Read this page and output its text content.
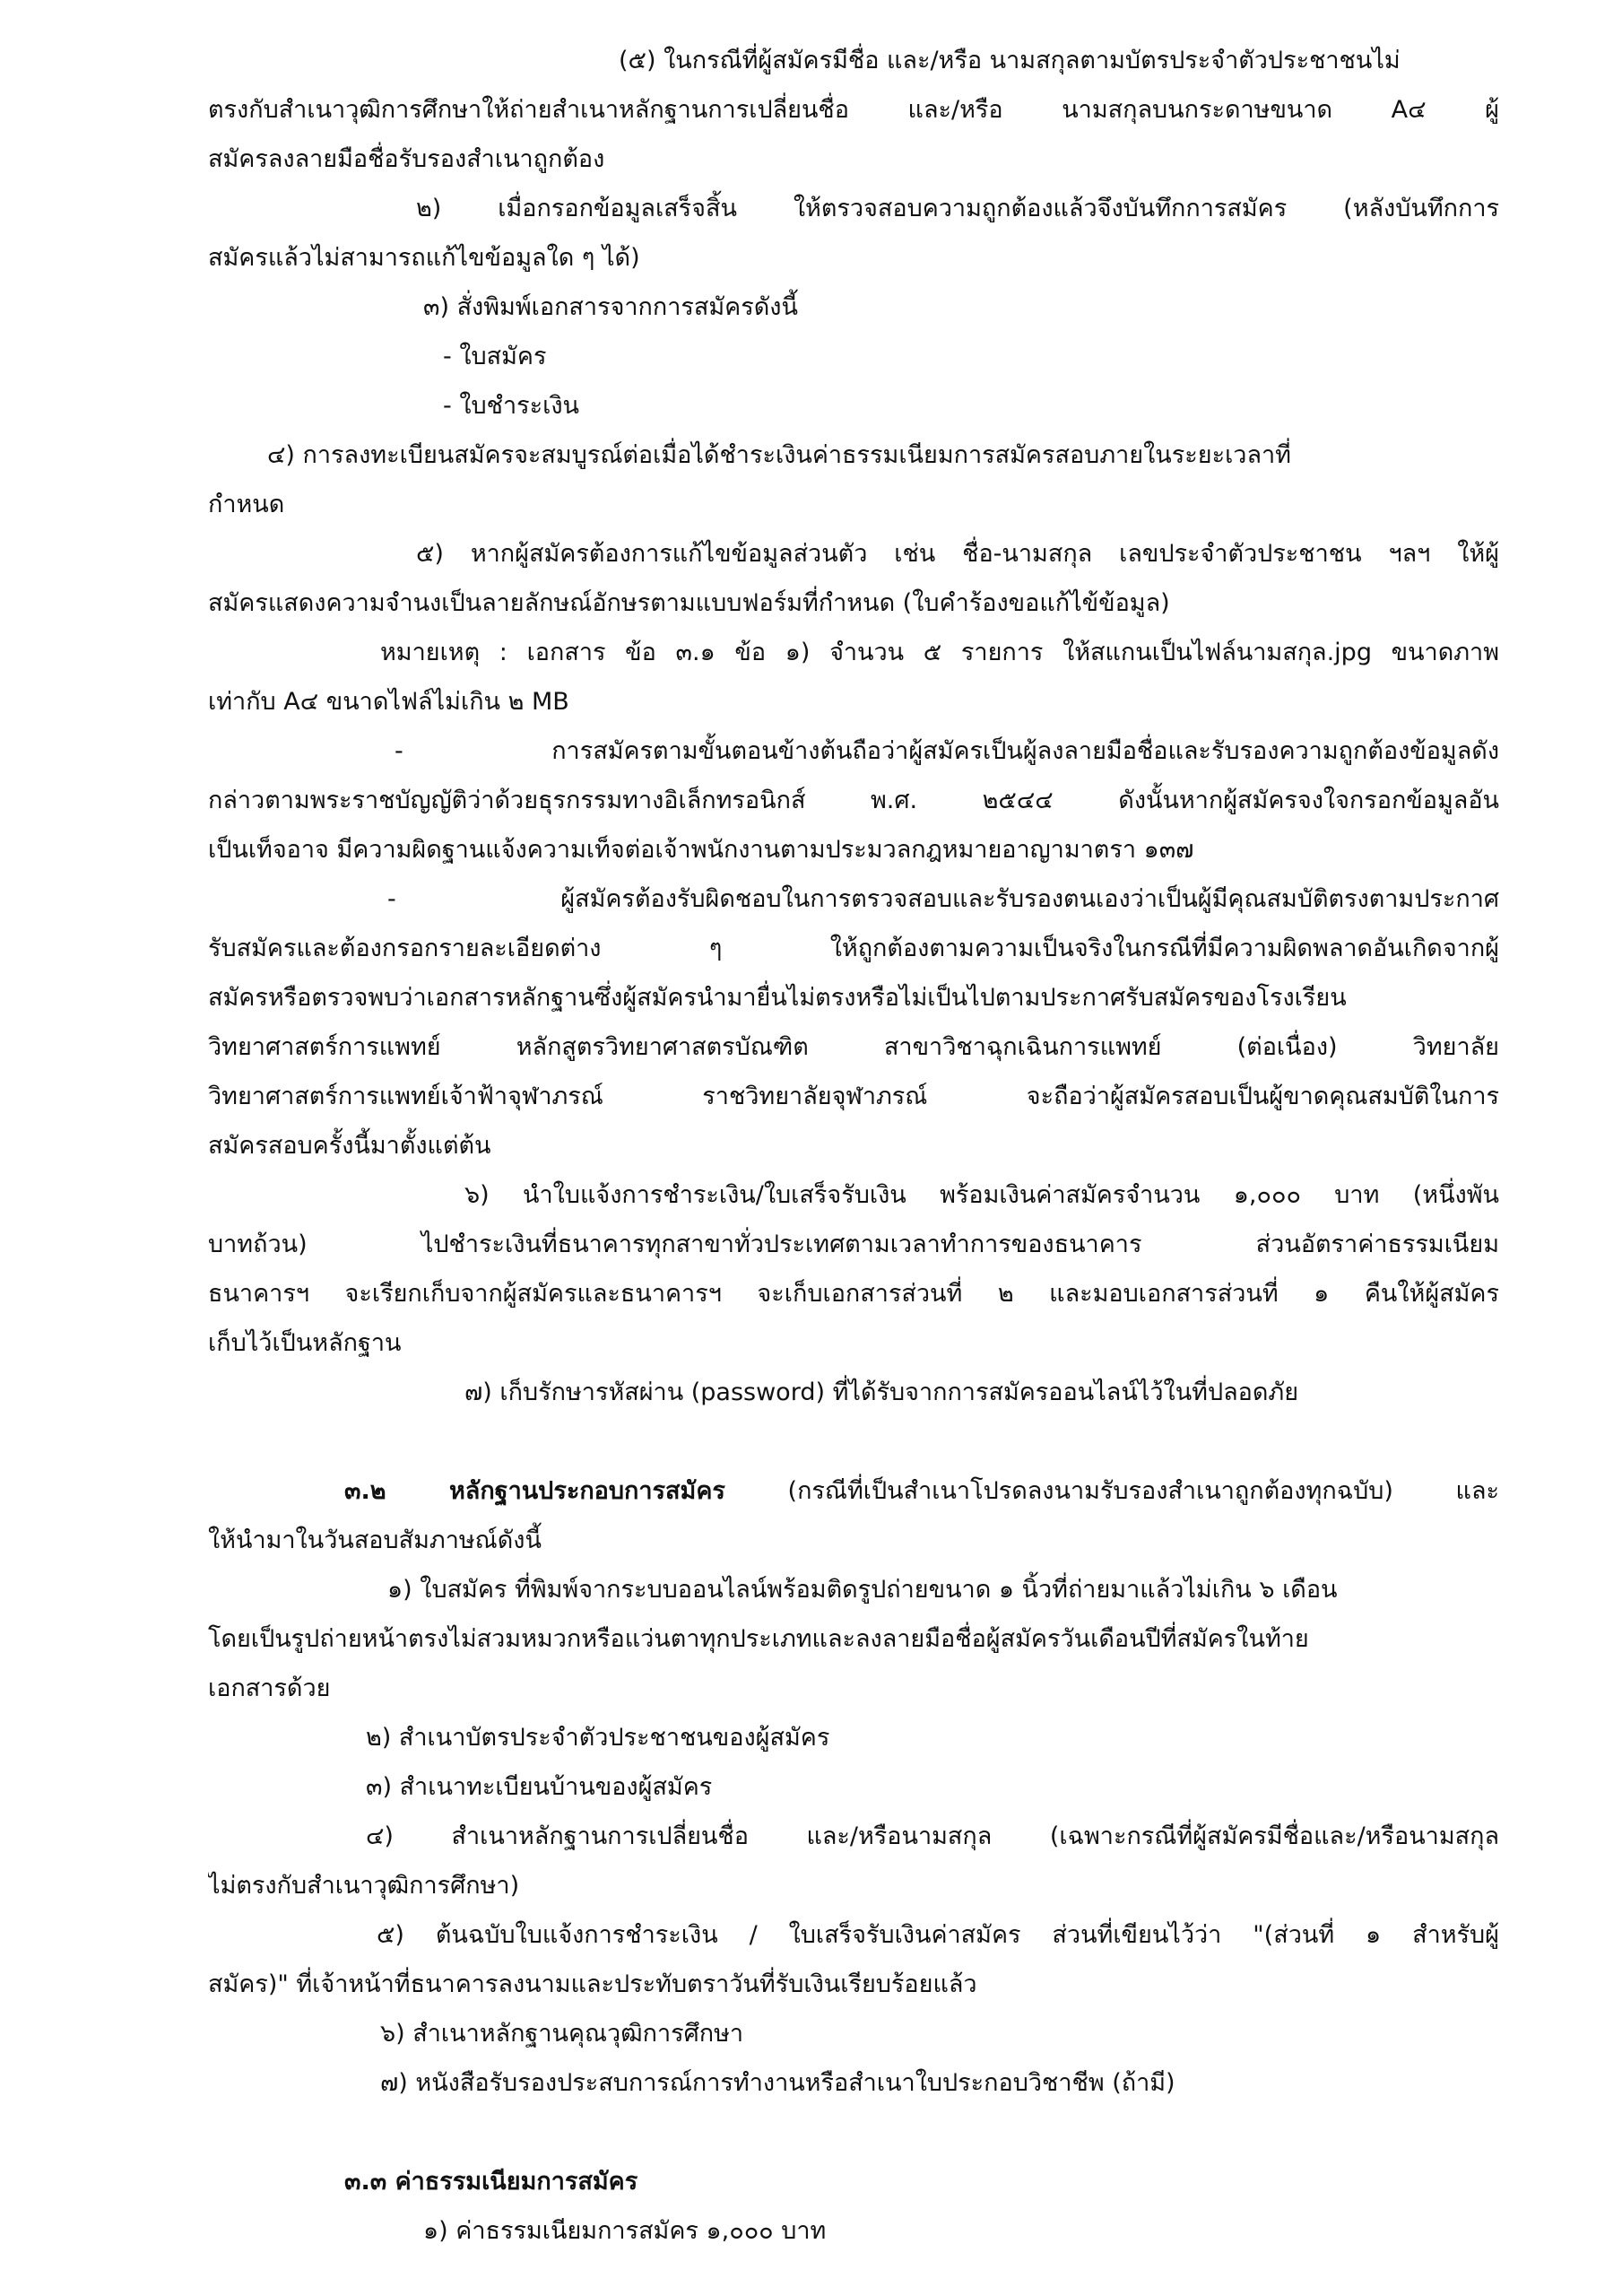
(๕) ในกรณีที่ผู้สมัครมีชื่อ และ/หรือ นามสกุลตามบัตรประจำตัวประชาชนไม่
ตรงกับสำเนาวุฒิการศึกษาให้ถ่ายสำเนาหลักฐานการเปลี่ยนชื่อ และ/หรือ นามสกุลบนกระดาษขนาด A๔ ผู้
สมัครลงลายมือชื่อรับรองสำเนาถูกต้อง
๒) เมื่อกรอกข้อมูลเสร็จสิ้น ให้ตรวจสอบความถูกต้องแล้วจึงบันทึกการสมัคร (หลังบันทึกการ
สมัครแล้วไม่สามารถแก้ไขข้อมูลใด ๆ ได้)
๓) สั่งพิมพ์เอกสารจากการสมัครดังนี้
- ใบสมัคร
- ใบชำระเงิน
๔) การลงทะเบียนสมัครจะสมบูรณ์ต่อเมื่อได้ชำระเงินค่าธรรมเนียมการสมัครสอบภายในระยะเวลาที่
กำหนด
๕) หากผู้สมัครต้องการแก้ไขข้อมูลส่วนตัว เช่น ชื่อ-นามสกุล เลขประจำตัวประชาชน ฯลฯ ให้ผู้
สมัครแสดงความจำนงเป็นลายลักษณ์อักษรตามแบบฟอร์มที่กำหนด (ใบคำร้องขอแก้ไข้ข้อมูล)
หมายเหตุ : เอกสาร ข้อ ๓.๑ ข้อ ๑) จำนวน ๕ รายการ ให้สแกนเป็นไฟล์นามสกุล.jpg ขนาดภาพ
เท่ากับ A๔ ขนาดไฟล์ไม่เกิน ๒ MB
- การสมัครตามขั้นตอนข้างต้นถือว่าผู้สมัครเป็นผู้ลงลายมือชื่อและรับรองความถูกต้องข้อมูลดัง
กล่าวตามพระราชบัญญัติว่าด้วยธุรกรรมทางอิเล็กทรอนิกส์ พ.ศ. ๒๕๔๔ ดังนั้นหากผู้สมัครจงใจกรอกข้อมูลอัน
เป็นเท็จอาจ มีความผิดฐานแจ้งความเท็จต่อเจ้าพนักงานตามประมวลกฎหมายอาญามาตรา ๑๓๗
- ผู้สมัครต้องรับผิดชอบในการตรวจสอบและรับรองตนเองว่าเป็นผู้มีคุณสมบัติตรงตามประกาศ
รับสมัครและต้องกรอกรายละเอียดต่าง ๆ ให้ถูกต้องตามความเป็นจริงในกรณีที่มีความผิดพลาดอันเกิดจากผู้
สมัครหรือตรวจพบว่าเอกสารหลักฐานซึ่งผู้สมัครนำมายื่นไม่ตรงหรือไม่เป็นไปตามประกาศรับสมัครของโรงเรียน
วิทยาศาสตร์การแพทย์ หลักสูตรวิทยาศาสตรบัณฑิต สาขาวิชาฉุกเฉินการแพทย์ (ต่อเนื่อง) วิทยาลัย
วิทยาศาสตร์การแพทย์เจ้าฟ้าจุฬาภรณ์ ราชวิทยาลัยจุฬาภรณ์ จะถือว่าผู้สมัครสอบเป็นผู้ขาดคุณสมบัติในการ
สมัครสอบครั้งนี้มาตั้งแต่ต้น
๖) นำใบแจ้งการชำระเงิน/ใบเสร็จรับเงิน พร้อมเงินค่าสมัครจำนวน ๑,๐๐๐ บาท (หนึ่งพัน
บาทถ้วน) ไปชำระเงินที่ธนาคารทุกสาขาทั่วประเทศตามเวลาทำการของธนาคาร ส่วนอัตราค่าธรรมเนียม
ธนาคารฯ จะเรียกเก็บจากผู้สมัครและธนาคารฯ จะเก็บเอกสารส่วนที่ ๒ และมอบเอกสารส่วนที่ ๑ คืนให้ผู้สมัคร
เก็บไว้เป็นหลักฐาน
๗) เก็บรักษารหัสผ่าน (password) ที่ได้รับจากการสมัครออนไลน์ไว้ในที่ปลอดภัย
๓.๒ หลักฐานประกอบการสมัคร (กรณีที่เป็นสำเนาโปรดลงนามรับรองสำเนาถูกต้องทุกฉบับ) และ
ให้นำมาในวันสอบสัมภาษณ์ดังนี้
๑) ใบสมัคร ที่พิมพ์จากระบบออนไลน์พร้อมติดรูปถ่ายขนาด ๑ นิ้วที่ถ่ายมาแล้วไม่เกิน ๖ เดือน
โดยเป็นรูปถ่ายหน้าตรงไม่สวมหมวกหรือแว่นตาทุกประเภทและลงลายมือชื่อผู้สมัครวันเดือนปีที่สมัครในท้าย
เอกสารด้วย
๒) สำเนาบัตรประจำตัวประชาชนของผู้สมัคร
๓) สำเนาทะเบียนบ้านของผู้สมัคร
๔) สำเนาหลักฐานการเปลี่ยนชื่อ และ/หรือนามสกุล (เฉพาะกรณีที่ผู้สมัครมีชื่อและ/หรือนามสกุล
ไม่ตรงกับสำเนาวุฒิการศึกษา)
๕) ต้นฉบับใบแจ้งการชำระเงิน / ใบเสร็จรับเงินค่าสมัคร ส่วนที่เขียนไว้ว่า "(ส่วนที่ ๑ สำหรับผู้
สมัคร)" ที่เจ้าหน้าที่ธนาคารลงนามและประทับตราวันที่รับเงินเรียบร้อยแล้ว
๖) สำเนาหลักฐานคุณวุฒิการศึกษา
๗) หนังสือรับรองประสบการณ์การทำงานหรือสำเนาใบประกอบวิชาชีพ (ถ้ามี)
๓.๓ ค่าธรรมเนียมการสมัคร
๑) ค่าธรรมเนียมการสมัคร ๑,๐๐๐ บาท
